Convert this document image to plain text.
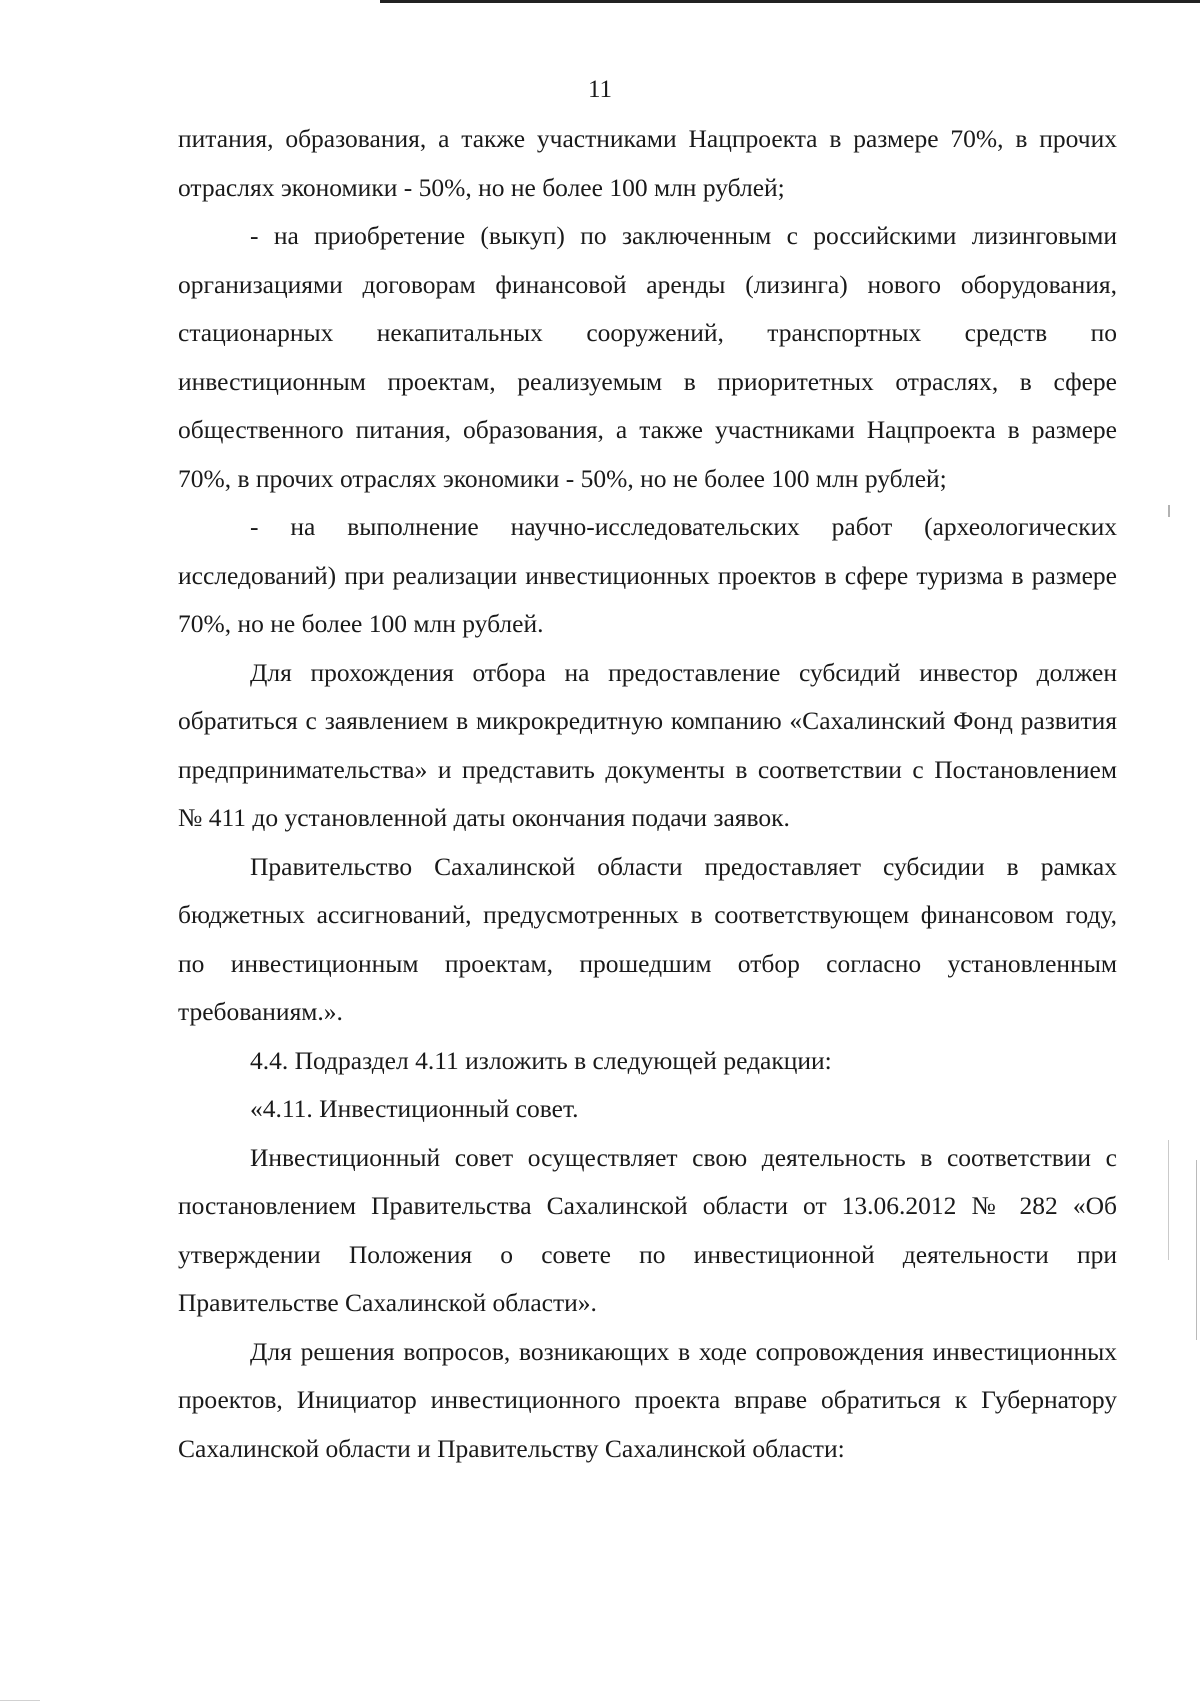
11

питания, образования, а также участниками Нацпроекта в размере 70%, в прочих отраслях экономики - 50%, но не более 100 млн рублей;

- на приобретение (выкуп) по заключенным с российскими лизинговыми организациями договорам финансовой аренды (лизинга) нового оборудования, стационарных некапитальных сооружений, транспортных средств по инвестиционным проектам, реализуемым в приоритетных отраслях, в сфере общественного питания, образования, а также участниками Нацпроекта в размере 70%, в прочих отраслях экономики - 50%, но не более 100 млн рублей;

- на выполнение научно-исследовательских работ (археологических исследований) при реализации инвестиционных проектов в сфере туризма в размере 70%, но не более 100 млн рублей.

Для прохождения отбора на предоставление субсидий инвестор должен обратиться с заявлением в микрокредитную компанию «Сахалинский Фонд развития предпринимательства» и представить документы в соответствии с Постановлением № 411 до установленной даты окончания подачи заявок.

Правительство Сахалинской области предоставляет субсидии в рамках бюджетных ассигнований, предусмотренных в соответствующем финансовом году, по инвестиционным проектам, прошедшим отбор согласно установленным требованиям.».

4.4. Подраздел 4.11 изложить в следующей редакции:

«4.11. Инвестиционный совет.

Инвестиционный совет осуществляет свою деятельность в соответствии с постановлением Правительства Сахалинской области от 13.06.2012 № 282 «Об утверждении Положения о совете по инвестиционной деятельности при Правительстве Сахалинской области».

Для решения вопросов, возникающих в ходе сопровождения инвестиционных проектов, Инициатор инвестиционного проекта вправе обратиться к Губернатору Сахалинской области и Правительству Сахалинской области:
